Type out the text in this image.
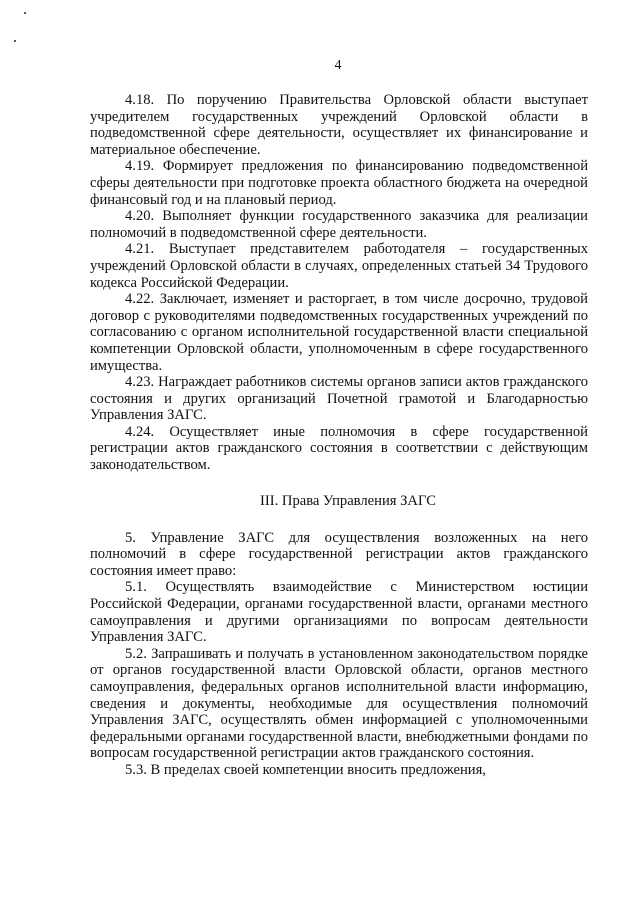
4

4.18. По поручению Правительства Орловской области выступает учредителем государственных учреждений Орловской области в подведомственной сфере деятельности, осуществляет их финансирование и материальное обеспечение.

4.19. Формирует предложения по финансированию подведомственной сферы деятельности при подготовке проекта областного бюджета на очередной финансовый год и на плановый период.

4.20. Выполняет функции государственного заказчика для реализации полномочий в подведомственной сфере деятельности.

4.21. Выступает представителем работодателя – государственных учреждений Орловской области в случаях, определенных статьей 34 Трудового кодекса Российской Федерации.

4.22. Заключает, изменяет и расторгает, в том числе досрочно, трудовой договор с руководителями подведомственных государственных учреждений по согласованию с органом исполнительной государственной власти специальной компетенции Орловской области, уполномоченным в сфере государственного имущества.

4.23. Награждает работников системы органов записи актов гражданского состояния и других организаций Почетной грамотой и Благодарностью Управления ЗАГС.

4.24. Осуществляет иные полномочия в сфере государственной регистрации актов гражданского состояния в соответствии с действующим законодательством.

III. Права Управления ЗАГС

5. Управление ЗАГС для осуществления возложенных на него полномочий в сфере государственной регистрации актов гражданского состояния имеет право:

5.1. Осуществлять взаимодействие с Министерством юстиции Российской Федерации, органами государственной власти, органами местного самоуправления и другими организациями по вопросам деятельности Управления ЗАГС.

5.2. Запрашивать и получать в установленном законодательством порядке от органов государственной власти Орловской области, органов местного самоуправления, федеральных органов исполнительной власти информацию, сведения и документы, необходимые для осуществления полномочий Управления ЗАГС, осуществлять обмен информацией с уполномоченными федеральными органами государственной власти, внебюджетными фондами по вопросам государственной регистрации актов гражданского состояния.

5.3. В пределах своей компетенции вносить предложения,
